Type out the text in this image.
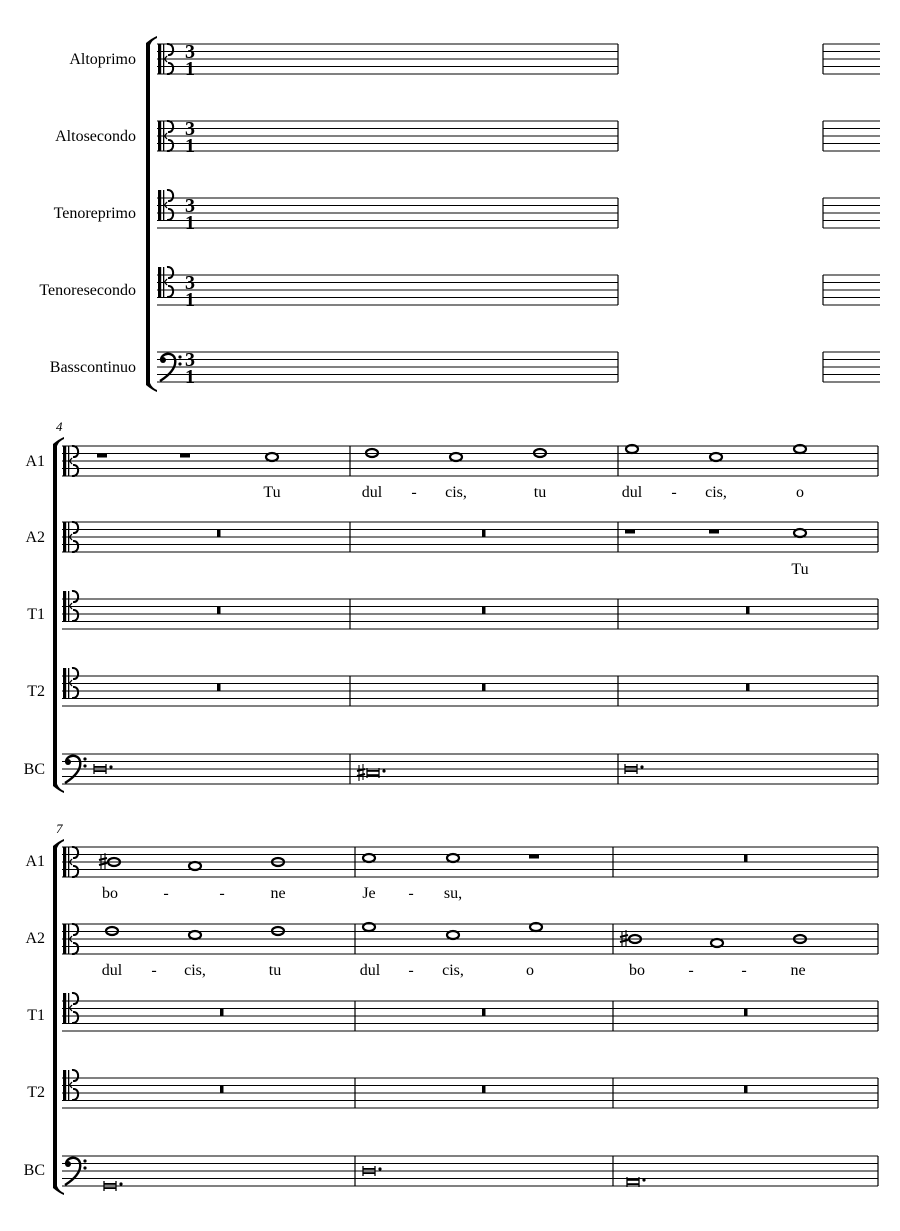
Altoprimo
Altosecondo
Tenoreprimo
Tenoresecondo
Basscontinuo
3
1
3
1
3
1
3
1
3
1
4
A1
A2
T1
T2
BC
Tu	dul - cis,	tu	dul - cis,	o
Tu
7
A1
A2
T1
T2
BC
bo	-	-	ne	Je - su,
dul - cis,	tu	dul - cis,	o	bo	-	-	ne
